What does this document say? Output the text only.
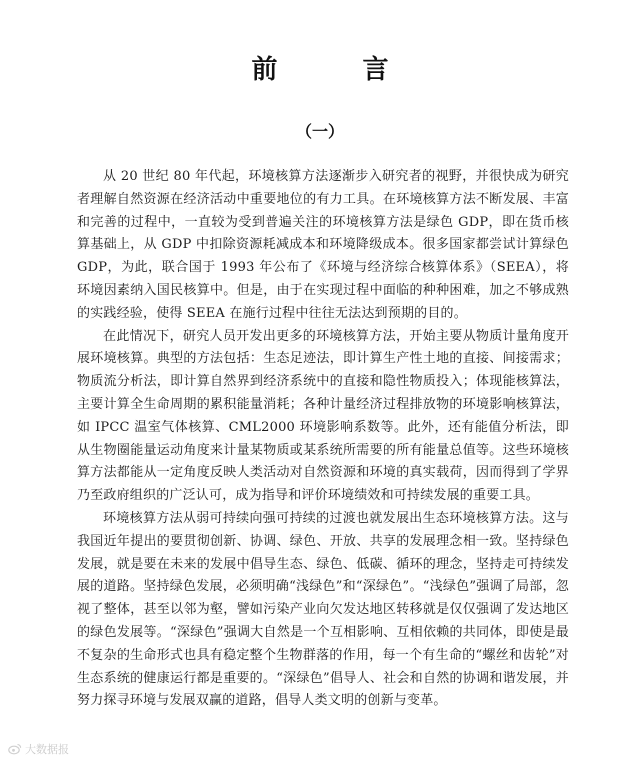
前 言
（一）

从 20 世纪 80 年代起，环境核算方法逐渐步入研究者的视野，并很快成为研究者理解自然资源在经济活动中重要地位的有力工具。在环境核算方法不断发展、丰富和完善的过程中，一直较为受到普遍关注的环境核算方法是绿色 GDP，即在货币核算基础上，从 GDP 中扣除资源耗减成本和环境降级成本。很多国家都尝试计算绿色 GDP，为此，联合国于 1993 年公布了《环境与经济综合核算体系》（SEEA），将环境因素纳入国民核算中。但是，由于在实现过程中面临的种种困难，加之不够成熟的实践经验，使得 SEEA 在施行过程中往往无法达到预期的目的。

在此情况下，研究人员开发出更多的环境核算方法，开始主要从物质计量角度开展环境核算。典型的方法包括：生态足迹法，即计算生产性土地的直接、间接需求；物质流分析法，即计算自然界到经济系统中的直接和隐性物质投入；体现能核算法，主要计算全生命周期的累积能量消耗；各种计量经济过程排放物的环境影响核算法，如 IPCC 温室气体核算、CML2000 环境影响系数等。此外，还有能值分析法，即从生物圈能量运动角度来计量某物质或某系统所需要的所有能量总值等。这些环境核算方法都能从一定角度反映人类活动对自然资源和环境的真实载荷，因而得到了学界乃至政府组织的广泛认可，成为指导和评价环境绩效和可持续发展的重要工具。

环境核算方法从弱可持续向强可持续的过渡也就发展出生态环境核算方法。这与我国近年提出的要贯彻创新、协调、绿色、开放、共享的发展理念相一致。坚持绿色发展，就是要在未来的发展中倡导生态、绿色、低碳、循环的理念，坚持走可持续发展的道路。坚持绿色发展，必须明确“浅绿色”和“深绿色”。“浅绿色”强调了局部，忽视了整体，甚至以邻为壑，譬如污染产业向欠发达地区转移就是仅仅强调了发达地区的绿色发展等。“深绿色”强调大自然是一个互相影响、互相依赖的共同体，即使是最不复杂的生命形式也具有稳定整个生物群落的作用，每一个有生命的“螺丝和齿轮”对生态系统的健康运行都是重要的。“深绿色”倡导人、社会和自然的协调和谐发展，并努力探寻环境与发展双赢的道路，倡导人类文明的创新与变革。

大数据报
